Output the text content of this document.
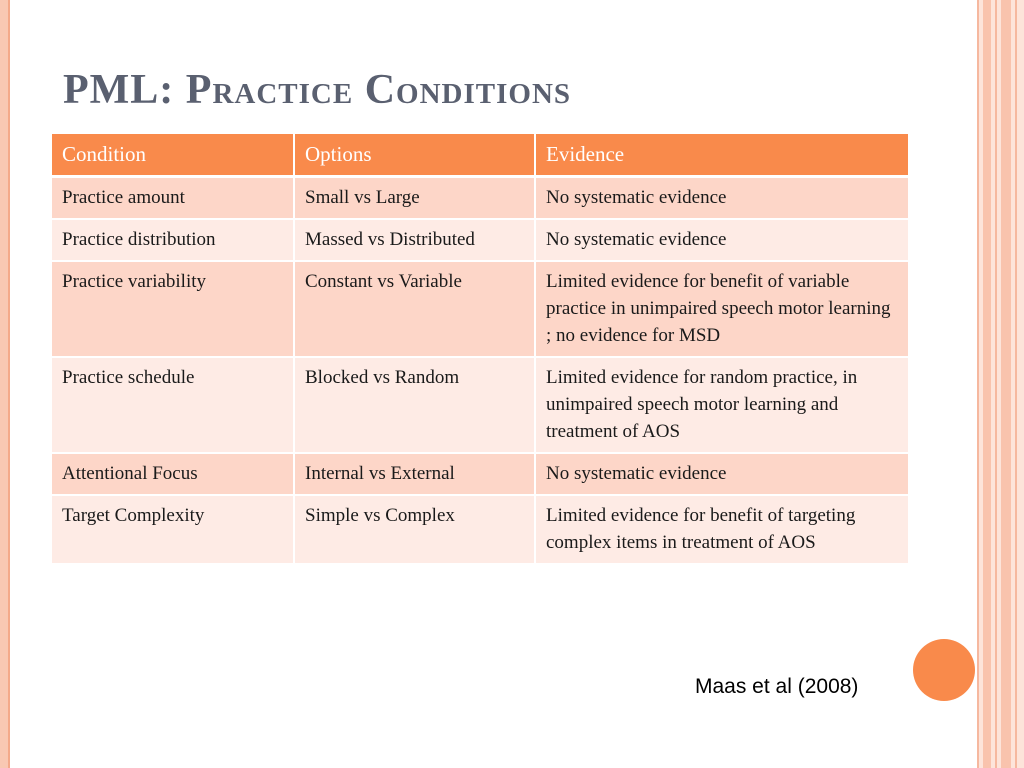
PML: Practice Conditions
Condition	Options	Evidence
Practice amount	Small vs Large	No systematic evidence
Practice distribution	Massed vs Distributed	No systematic evidence
Practice variability	Constant vs Variable	Limited evidence for benefit of variable practice in unimpaired speech motor learning ; no evidence for MSD
Practice schedule	Blocked vs Random	Limited evidence for random practice, in unimpaired speech motor learning and treatment of AOS
Attentional Focus	Internal vs External	No systematic evidence
Target Complexity	Simple vs Complex	Limited evidence for benefit of targeting complex items in treatment of AOS
Maas et al (2008)
